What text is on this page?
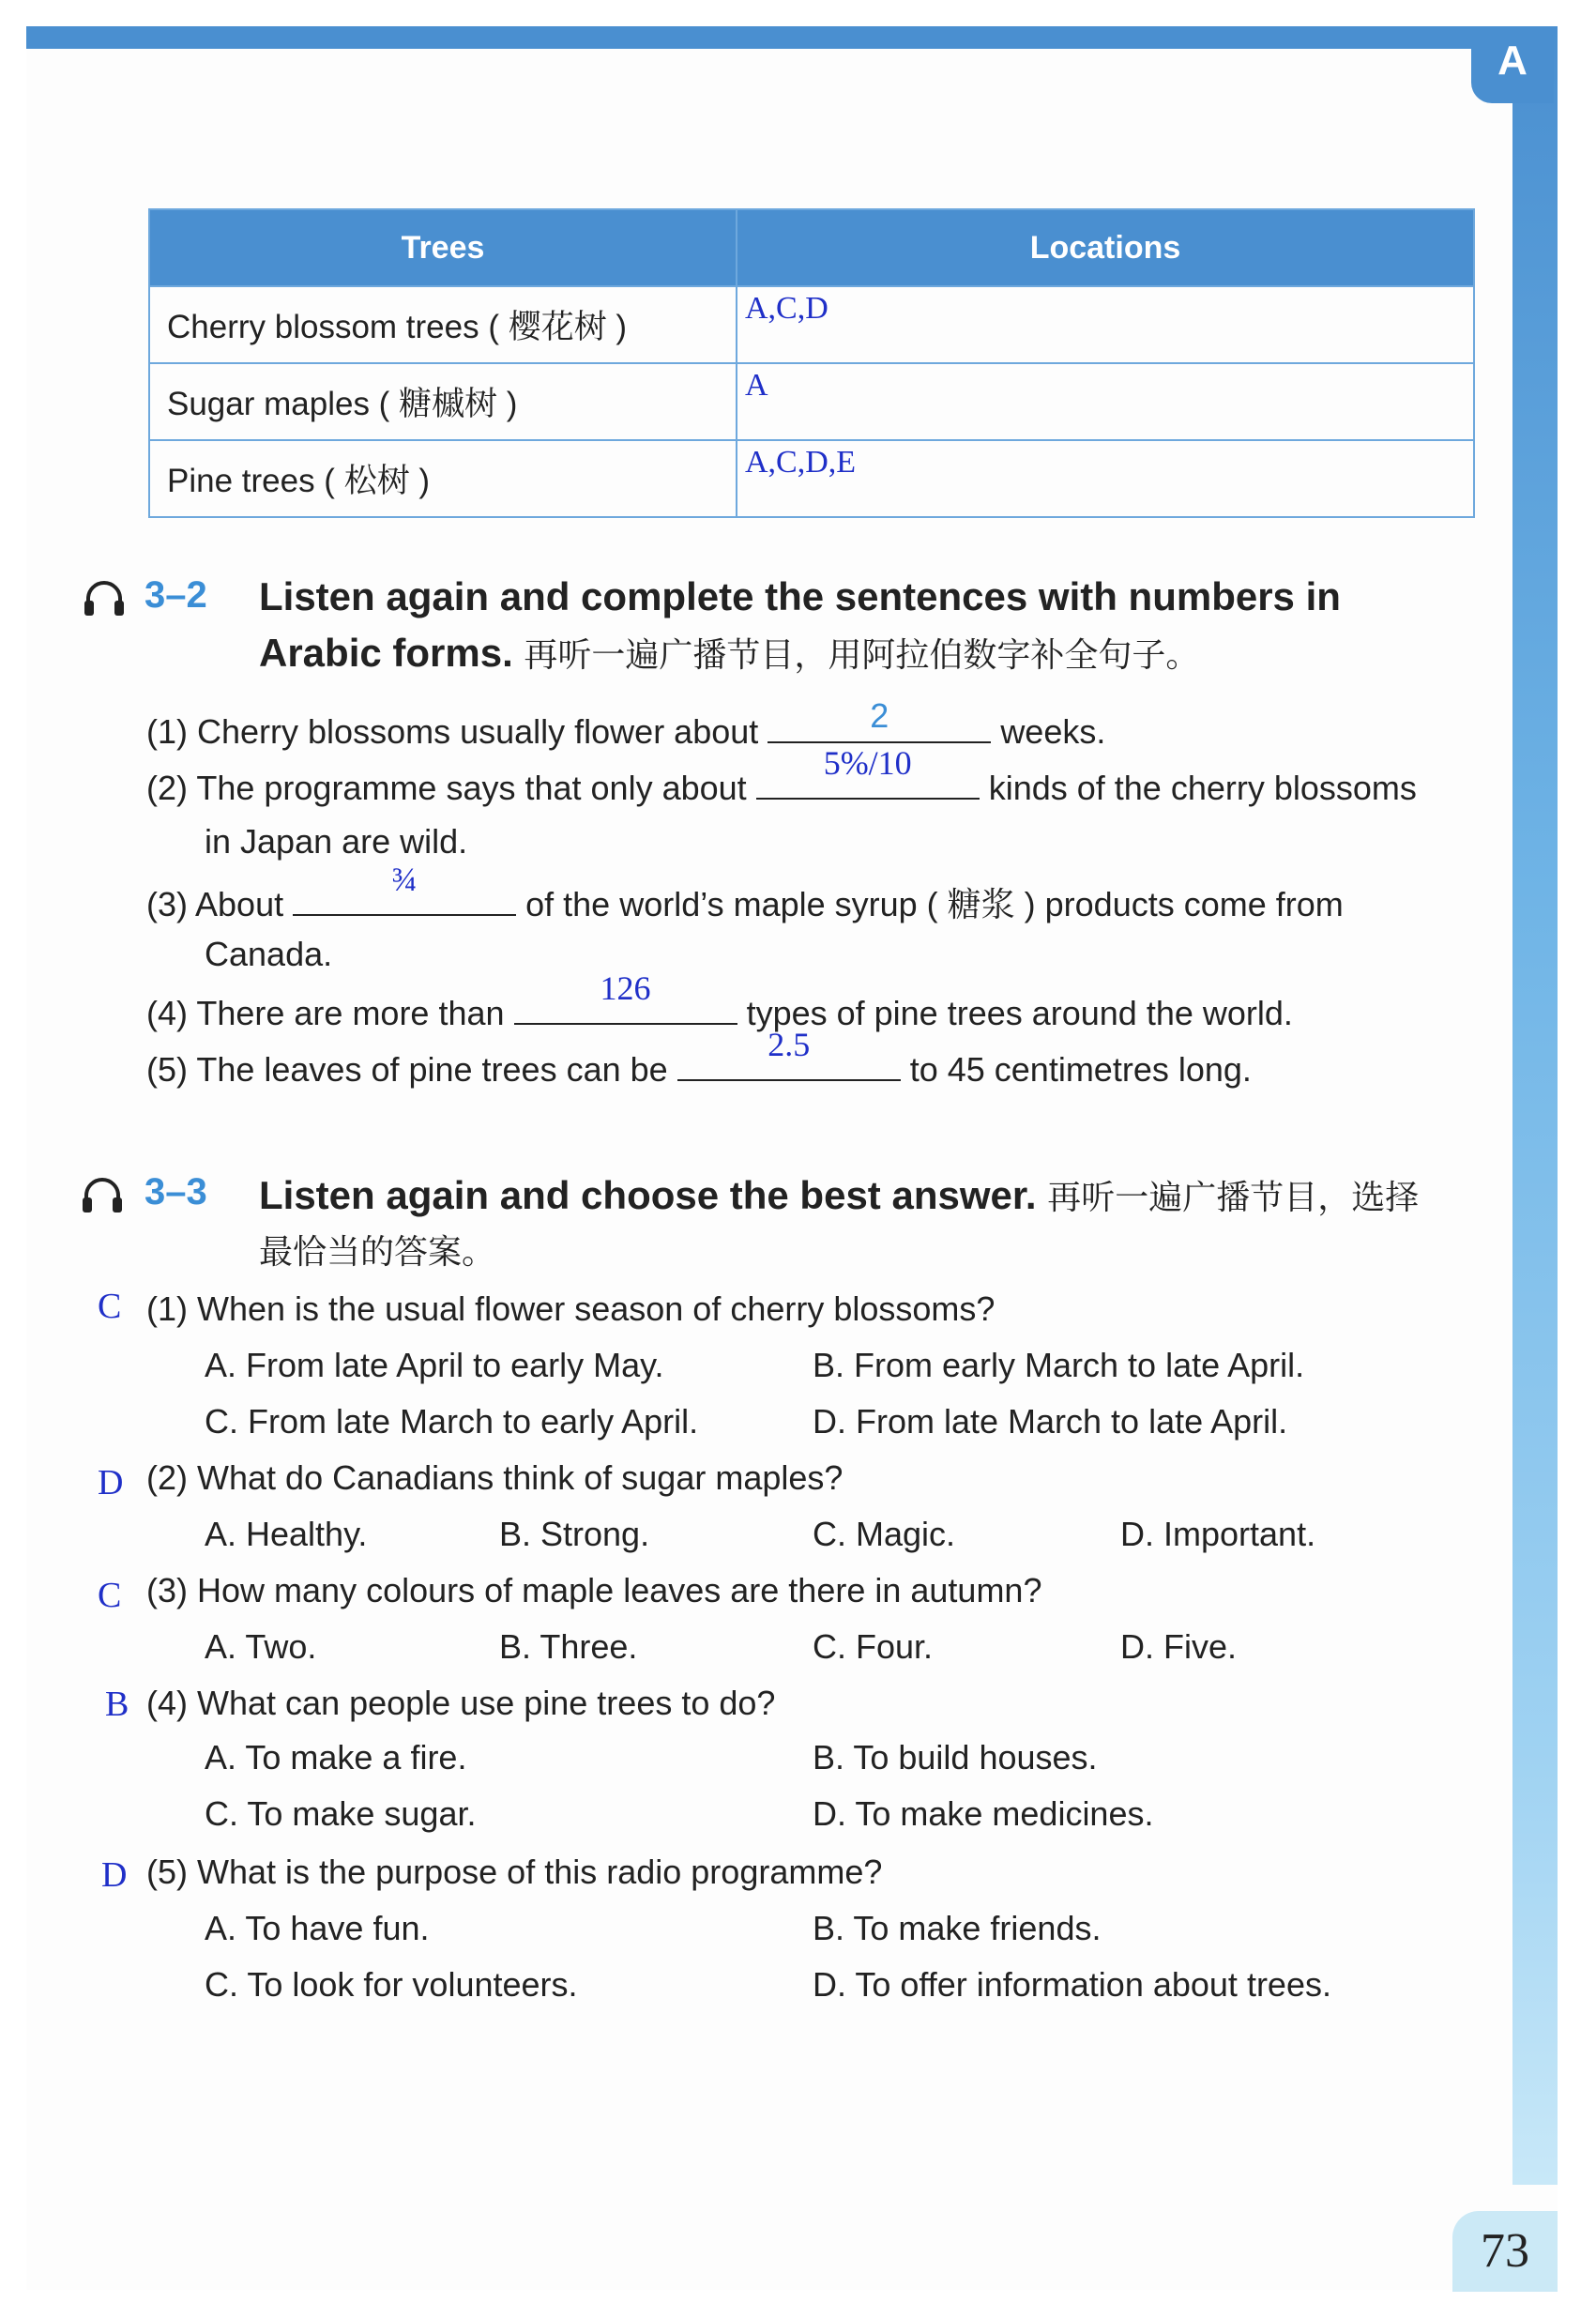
A
Trees	Locations
Cherry blossom trees ( 樱花树 )	A,C,D
Sugar maples ( 糖槭树 )	A
Pine trees ( 松树 )	A,C,D,E
3–2 Listen again and complete the sentences with numbers in
Arabic forms. 再听一遍广播节目，用阿拉伯数字补全句子。
(1) Cherry blossoms usually flower about	2	weeks.
(2) The programme says that only about
5%/10
kinds of the cherry blossoms
in Japan are wild.
(3) About
¾
of the world’s maple syrup ( 糖浆 ) products come from
Canada.
(4) There are more than
126
types of pine trees around the world.
(5) The leaves of pine trees can be
2.5
to 45 centimetres long.
3–3 Listen again and choose the best answer. 再听一遍广播节目，选择
最恰当的答案。
C (1) When is the usual flower season of cherry blossoms?
A. From late April to early May.	B. From early March to late April.
C. From late March to early April.	D. From late March to late April.
D (2) What do Canadians think of sugar maples?
A. Healthy.	B. Strong.	C. Magic.	D. Important.
C (3) How many colours of maple leaves are there in autumn?
A. Two.	B. Three.	C. Four.	D. Five.
B (4) What can people use pine trees to do?
A. To make a fire.	B. To build houses.
C. To make sugar.	D. To make medicines.
D (5) What is the purpose of this radio programme?
A. To have fun.	B. To make friends.
C. To look for volunteers.	D. To offer information about trees.
73
